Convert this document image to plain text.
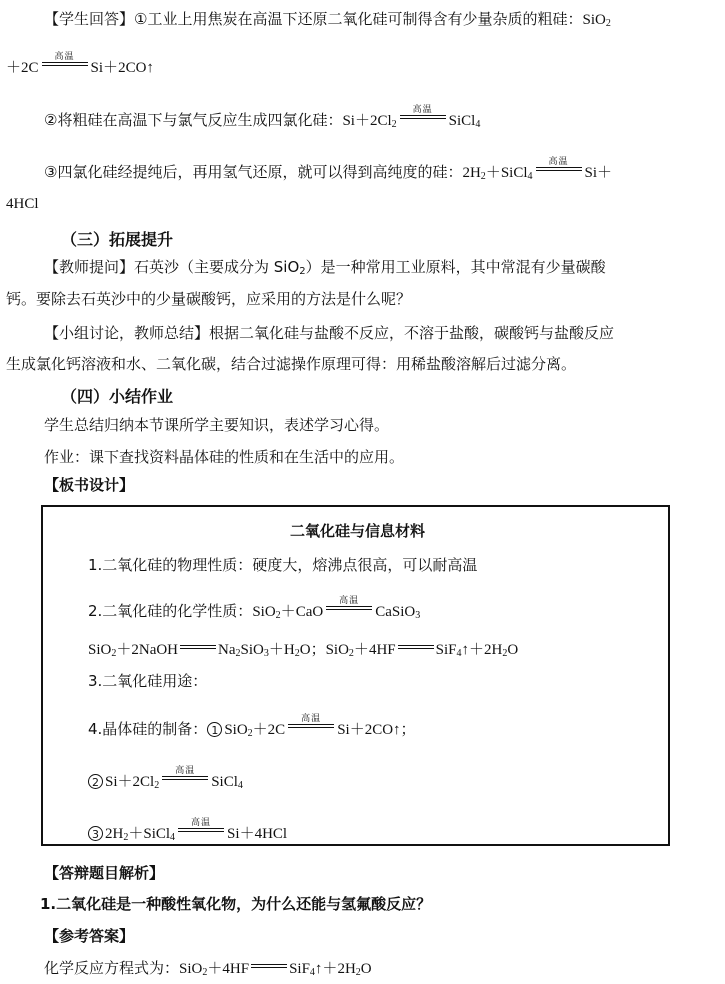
【学生回答】①工业上用焦炭在高温下还原二氧化硅可制得含有少量杂质的粗硅：SiO$_2$
＋2C
高温
Si＋2CO↑
②将粗硅在高温下与氯气反应生成四氯化硅：$Si+2Cl_2$
高温
SiCl$_4$
③四氯化硅经提纯后，再用氢气还原，就可以得到高纯度的硅：$2H_2+SiCl_4$
高温
Si＋
4HCl
（三）拓展提升
【教师提问】石英沙（主要成分为 SiO$_2$）是一种常用工业原料，其中常混有少量碳酸
钙。要除去石英沙中的少量碳酸钙，应采用的方法是什么呢？
【小组讨论，教师总结】根据二氧化硅与盐酸不反应，不溶于盐酸，碳酸钙与盐酸反应
生成氯化钙溶液和水、二氧化碳，结合过滤操作原理可得：用稀盐酸溶解后过滤分离。
（四）小结作业
学生总结归纳本节课所学主要知识，表述学习心得。
作业：课下查找资料晶体硅的性质和在生活中的应用。
【板书设计】
二氧化硅与信息材料
1.二氧化硅的物理性质：硬度大，熔沸点很高，可以耐高温
2.二氧化硅的化学性质：SiO$_2$＋CaO
高温
CaSiO$_3$
SiO$_2$＋2NaOH	$Na_2SiO_3+H_2O$；SiO$_2$＋4HF	$SiF_4↑+2H_2O$
3.二氧化硅用途：
4.晶体硅的制备： 1 SiO$_2$＋2C
高温
Si＋2CO↑；
2 $Si+2Cl_2$
高温
SiCl$_4$
3 $2H_2+SiCl_4$
高温
Si＋4HCl
【答辩题目解析】
1.二氧化硅是一种酸性氧化物，为什么还能与氢氟酸反应？
【参考答案】
化学反应方程式为：SiO$_2$＋4HF	$SiF_4↑+2H_2O$
